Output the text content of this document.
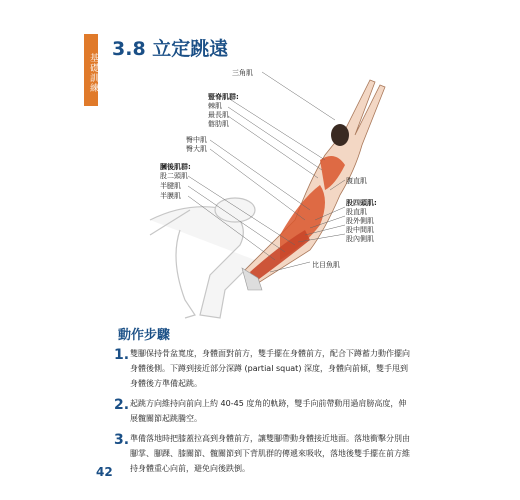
基礎訓練
3.8 立定跳遠
三角肌
豎脊肌群:
棘肌
最長肌
髂肋肌
臀中肌
臀大肌
膕後肌群:
股二頭肌
半腱肌
半膜肌
腹直肌
股四頭肌:
股直肌
股外側肌
股中間肌
股內側肌
比目魚肌
動作步驟
1. 雙腳保持骨盆寬度，身體面對前方，雙手擺在身體前方，配合下蹲蓄力動作擺向身體後側。下蹲到接近部分深蹲 (partial squat) 深度，身體向前傾，雙手甩到身體後方準備起跳。
2. 起跳方向維持向前向上約 40-45 度角的軌跡，雙手向前帶動用過肩膀高度，伸展髖關節起跳騰空。
3. 準備落地時把膝蓋拉高到身體前方，讓雙腳帶動身體接近地面。落地衝擊分別由腳掌、腳踝、膝關節、髖關節到下背肌群的傳遞來吸收，落地後雙手擺在前方維持身體重心向前，避免向後跌倒。
42
